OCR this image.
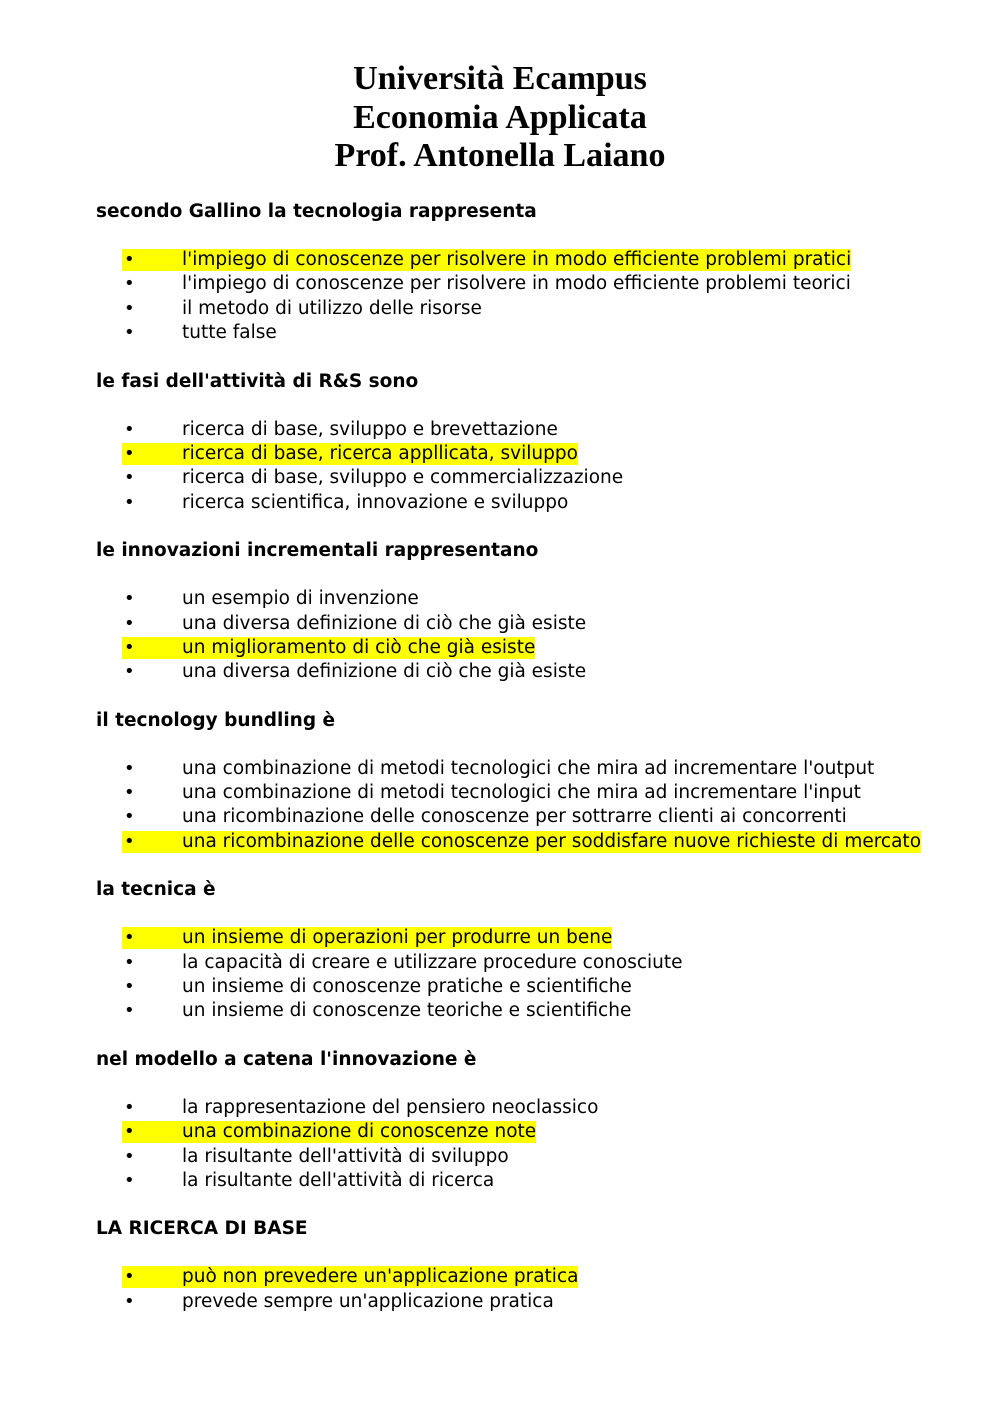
Università Ecampus
Economia Applicata
Prof. Antonella Laiano
secondo Gallino la tecnologia rappresenta
•	l'impiego di conoscenze per risolvere in modo efficiente problemi pratici
•	l'impiego di conoscenze per risolvere in modo efficiente problemi teorici
•	il metodo di utilizzo delle risorse
•	tutte false
le fasi dell'attività di R&S sono
•	ricerca di base, sviluppo e brevettazione
•	ricerca di base, ricerca appllicata, sviluppo
•	ricerca di base, sviluppo e commercializzazione
•	ricerca scientifica, innovazione e sviluppo
le innovazioni incrementali rappresentano
•	un esempio di invenzione
•	una diversa definizione di ciò che già esiste
•	un miglioramento di ciò che già esiste
•	una diversa definizione di ciò che già esiste
il tecnology bundling è
•	una combinazione di metodi tecnologici che mira ad incrementare l'output
•	una combinazione di metodi tecnologici che mira ad incrementare l'input
•	una ricombinazione delle conoscenze per sottrarre clienti ai concorrenti
•	una ricombinazione delle conoscenze per soddisfare nuove richieste di mercato
la tecnica è
•	un insieme di operazioni per produrre un bene
•	la capacità di creare e utilizzare procedure conosciute
•	un insieme di conoscenze pratiche e scientifiche
•	un insieme di conoscenze teoriche e scientifiche
nel modello a catena l'innovazione è
•	la rappresentazione del pensiero neoclassico
•	una combinazione di conoscenze note
•	la risultante dell'attività di sviluppo
•	la risultante dell'attività di ricerca
LA RICERCA DI BASE
•	può non prevedere un'applicazione pratica
•	prevede sempre un'applicazione pratica
